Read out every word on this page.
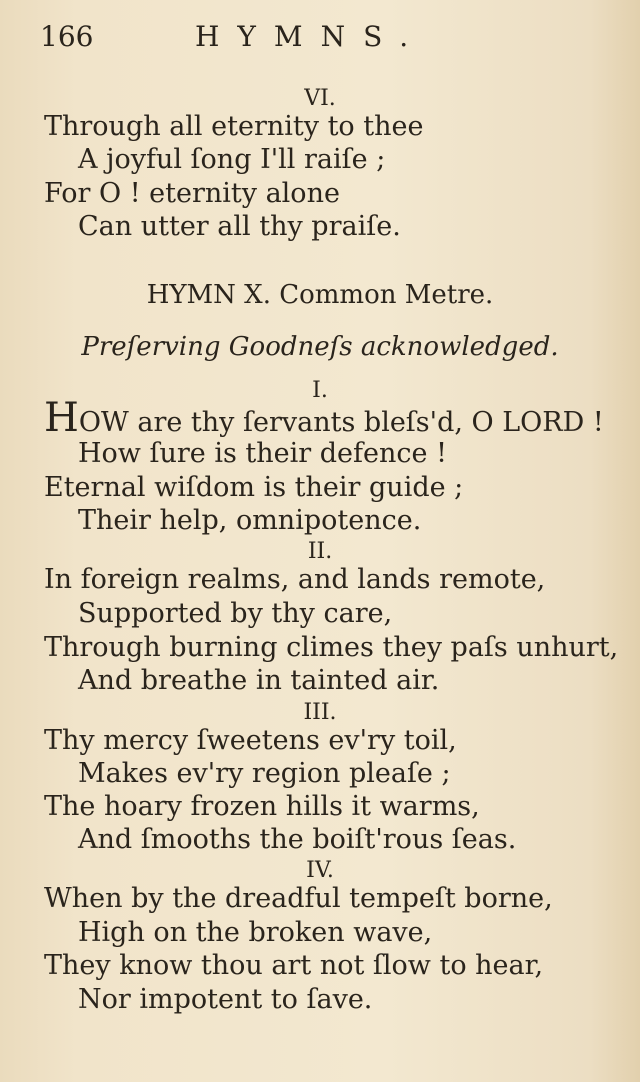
166	HYMNS.
VI.
Through all eternity to thee
A joyful ſong I'll raiſe ;
For O ! eternity alone
Can utter all thy praiſe.
HYMN X. Common Metre.
Preſerving Goodneſs acknowledged.
I.
HOW are thy ſervants bleſs'd, O LORD !
How ſure is their defence !
Eternal wiſdom is their guide ;
Their help, omnipotence.
II.
In foreign realms, and lands remote,
Supported by thy care,
Through burning climes they paſs unhurt,
And breathe in tainted air.
III.
Thy mercy ſweetens ev'ry toil,
Makes ev'ry region pleaſe ;
The hoary frozen hills it warms,
And ſmooths the boiſt'rous ſeas.
IV.
When by the dreadful tempeſt borne,
High on the broken wave,
They know thou art not ſlow to hear,
Nor impotent to ſave.
